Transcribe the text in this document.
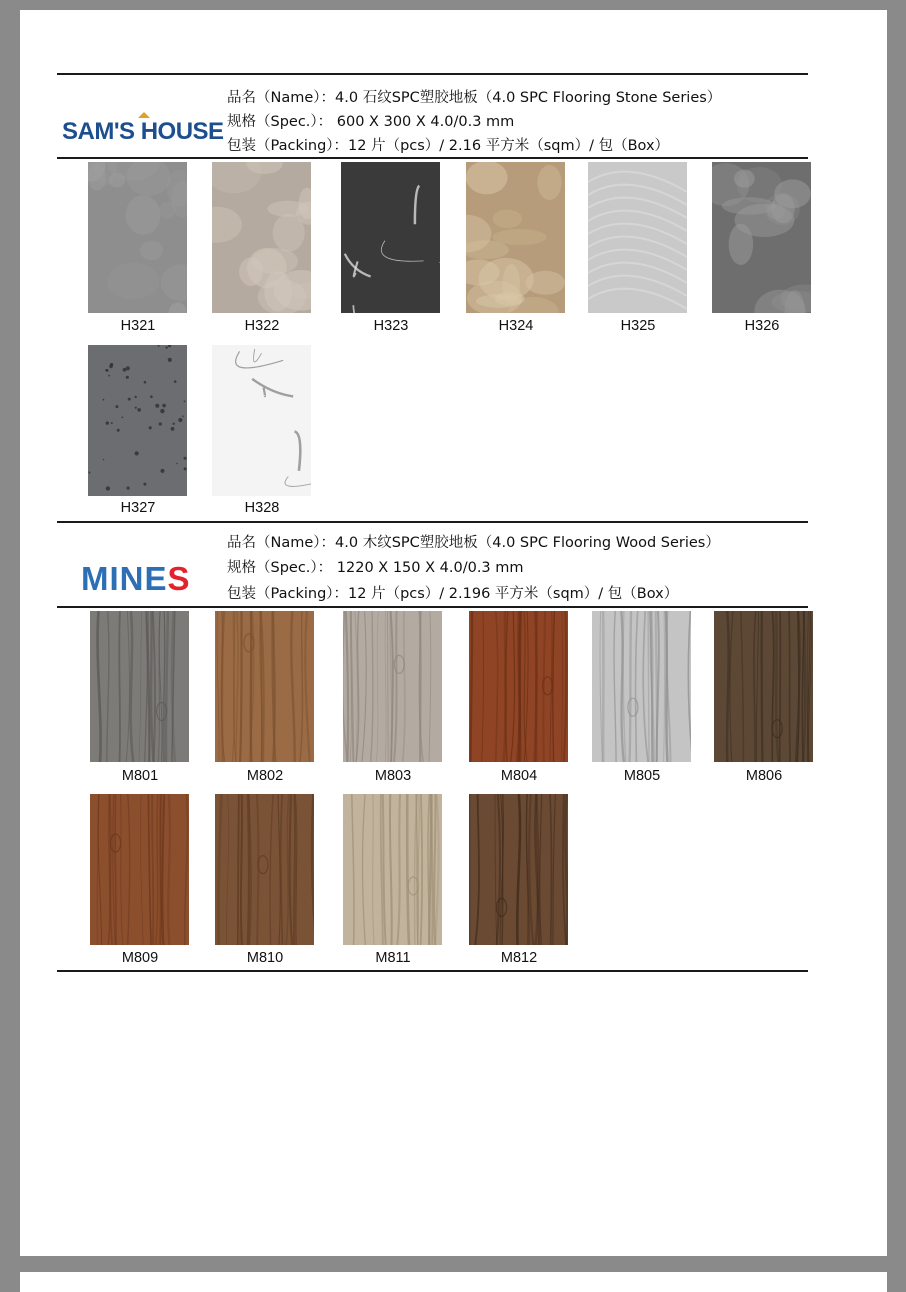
SAM'S HOUSE
品名（Name）：4.0 石纹SPC塑胶地板（4.0 SPC Flooring Stone Series）
规格（Spec.）： 600 X 300 X 4.0/0.3 mm
包装（Packing）：12 片（pcs）/ 2.16 平方米（sqm）/ 包（Box）
H321	H322	H323	H324	H325	H326
H327	H328
MINES
品名（Name）：4.0 木纹SPC塑胶地板（4.0 SPC Flooring Wood Series）
规格（Spec.）： 1220 X 150 X 4.0/0.3 mm
包装（Packing）：12 片（pcs）/ 2.196 平方米（sqm）/ 包（Box）
M801	M802	M803	M804	M805	M806
M809	M810	M811	M812
